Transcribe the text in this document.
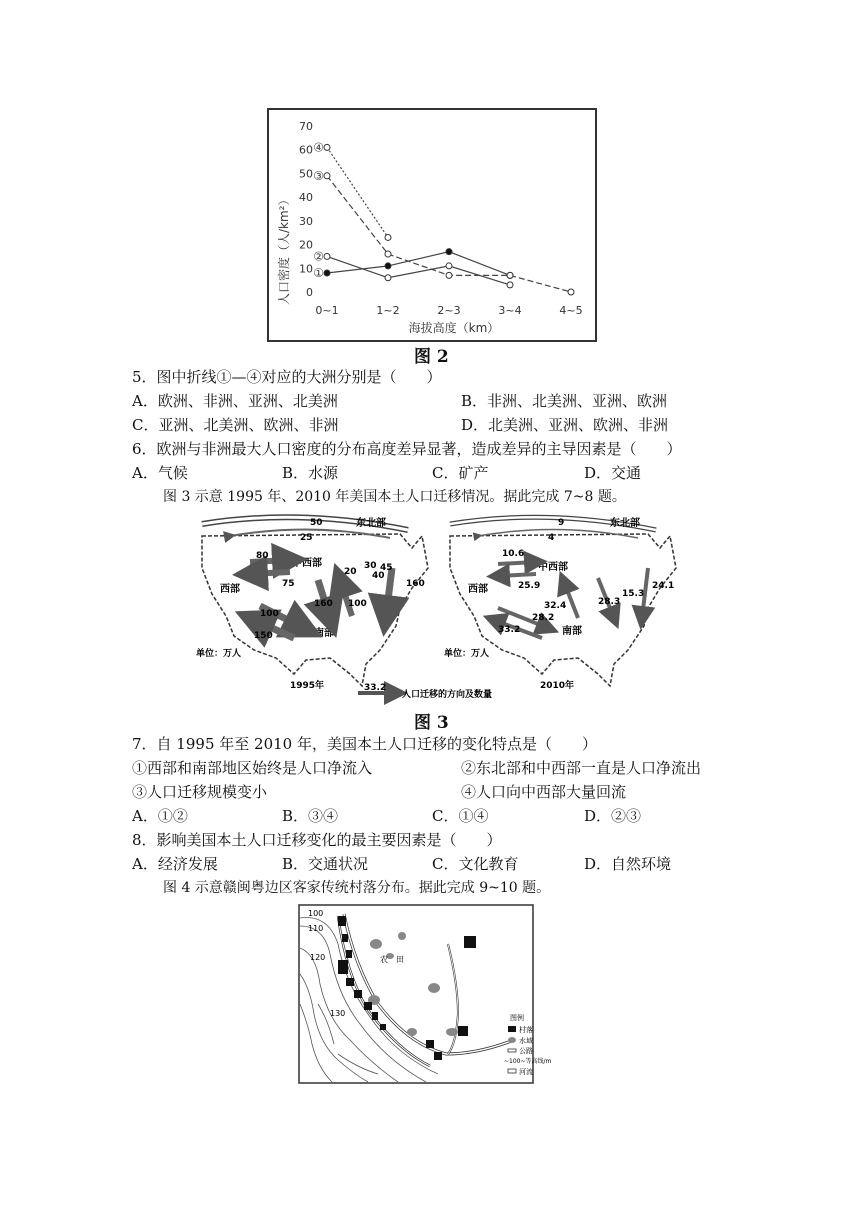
人口密度（人/km²）
海拔高度（km）
70
60
50
40
30
20
10
0
0~1	1~2	2~3	3~4	4~5
①
②
③
④
图 2
5．图中折线①—④对应的大洲分别是（　　）
A．欧洲、非洲、亚洲、北美洲	B．非洲、北美洲、亚洲、欧洲
C．亚洲、北美洲、欧洲、非洲	D．北美洲、亚洲、欧洲、非洲
6．欧洲与非洲最大人口密度的分布高度差异显著，造成差异的主导因素是（　　）
A．气候	B．水源	C．矿产	D．交通
图 3 示意 1995 年、2010 年美国本土人口迁移情况。据此完成 7~8 题。
50
25
东北部
中西部
西部
南部
80
75
100
160
150
160 100
20
30
40
45
单位：万人
1995年
9
4
东北部
中西部
西部
南部
10.6
25.9
32.4
28.2
33.2
28.3
15.3
24.1
单位：万人
2010年
33.2
人口迁移的方向及数量
图 3
7．自 1995 年至 2010 年，美国本土人口迁移的变化特点是（　　）
①西部和南部地区始终是人口净流入	②东北部和中西部一直是人口净流出
③人口迁移规模变小	④人口向中西部大量回流
A．①②	B．③④	C．①④	D．②③
8．影响美国本土人口迁移变化的最主要因素是（　　）
A．经济发展	B．交通状况	C．文化教育	D．自然环境
图 4 示意赣闽粤边区客家传统村落分布。据此完成 9~10 题。
100
110
120
130
农　田
图例
村落
水域
公路
~100~等高线/m
河流
